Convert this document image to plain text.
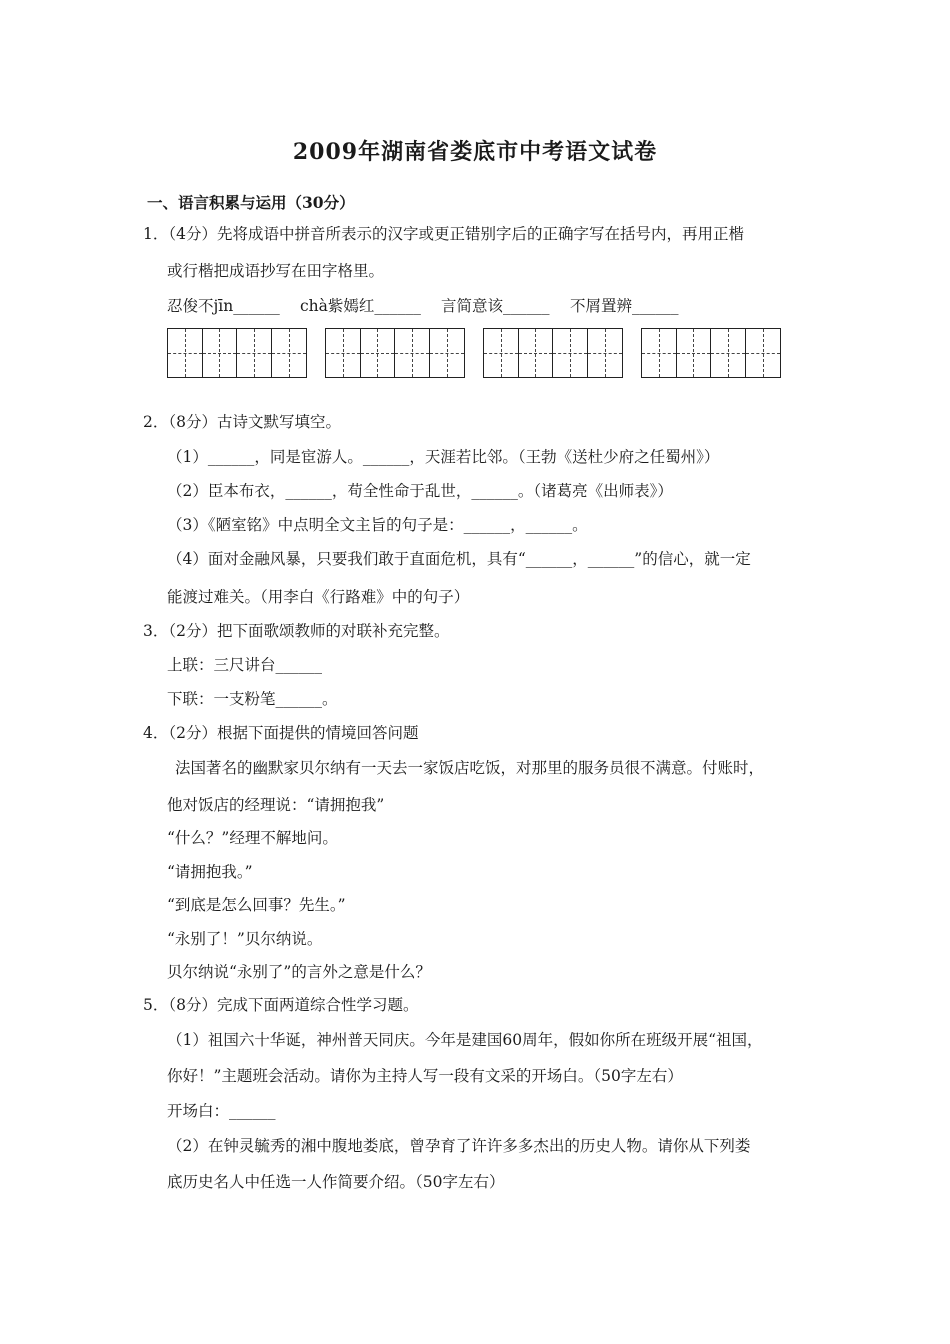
2009年湖南省娄底市中考语文试卷
一、语言积累与运用（30分）
1．（4分）先将成语中拼音所表示的汉字或更正错别字后的正确字写在括号内，再用正楷
或行楷把成语抄写在田字格里。
忍俊不jīn______ chà紫嫣红______ 言简意该______ 不屑置辨______
2．（8分）古诗文默写填空。
（1）______，同是宦游人。______，天涯若比邻。（王勃《送杜少府之任蜀州》）
（2）臣本布衣，______，苟全性命于乱世，______。（诸葛亮《出师表》）
（3）《陋室铭》中点明全文主旨的句子是：______，______。
（4）面对金融风暴，只要我们敢于直面危机，具有“______，______”的信心，就一定
能渡过难关。（用李白《行路难》中的句子）
3．（2分）把下面歌颂教师的对联补充完整。
上联：三尺讲台______
下联：一支粉笔______。
4．（2分）根据下面提供的情境回答问题
法国著名的幽默家贝尔纳有一天去一家饭店吃饭，对那里的服务员很不满意。付账时，
他对饭店的经理说：“请拥抱我”
“什么？”经理不解地问。
“请拥抱我。”
“到底是怎么回事？先生。”
“永别了！”贝尔纳说。
贝尔纳说“永别了”的言外之意是什么？
5．（8分）完成下面两道综合性学习题。
（1）祖国六十华诞，神州普天同庆。今年是建国60周年，假如你所在班级开展“祖国，
你好！”主题班会活动。请你为主持人写一段有文采的开场白。（50字左右）
开场白：______
（2）在钟灵毓秀的湘中腹地娄底，曾孕育了许许多多杰出的历史人物。请你从下列娄
底历史名人中任选一人作简要介绍。（50字左右）
